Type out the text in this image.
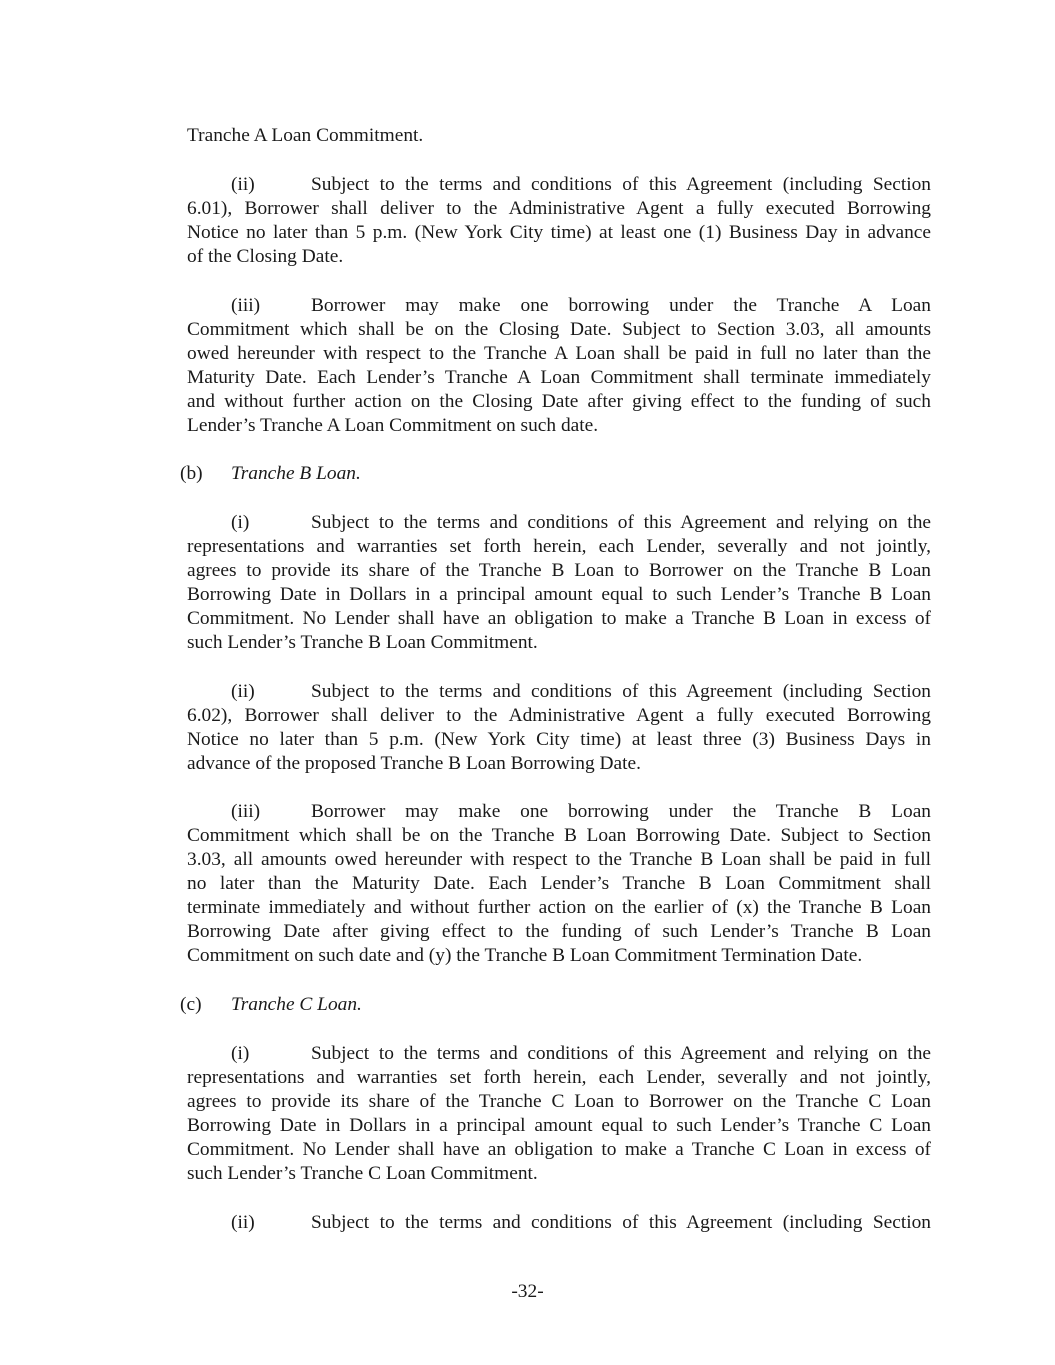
Tranche A Loan Commitment.
(ii)	Subject to the terms and conditions of this Agreement (including Section
6.01), Borrower shall deliver to the Administrative Agent a fully executed Borrowing
Notice no later than 5 p.m. (New York City time) at least one (1) Business Day in advance
of the Closing Date.
(iii)	Borrower may make one borrowing under the Tranche A Loan
Commitment which shall be on the Closing Date. Subject to Section 3.03, all amounts
owed hereunder with respect to the Tranche A Loan shall be paid in full no later than the
Maturity Date. Each Lender’s Tranche A Loan Commitment shall terminate immediately
and without further action on the Closing Date after giving effect to the funding of such
Lender’s Tranche A Loan Commitment on such date.
(b) Tranche B Loan.
(i)	Subject to the terms and conditions of this Agreement and relying on the
representations and warranties set forth herein, each Lender, severally and not jointly,
agrees to provide its share of the Tranche B Loan to Borrower on the Tranche B Loan
Borrowing Date in Dollars in a principal amount equal to such Lender’s Tranche B Loan
Commitment. No Lender shall have an obligation to make a Tranche B Loan in excess of
such Lender’s Tranche B Loan Commitment.
(ii)	Subject to the terms and conditions of this Agreement (including Section
6.02), Borrower shall deliver to the Administrative Agent a fully executed Borrowing
Notice no later than 5 p.m. (New York City time) at least three (3) Business Days in
advance of the proposed Tranche B Loan Borrowing Date.
(iii)	Borrower may make one borrowing under the Tranche B Loan
Commitment which shall be on the Tranche B Loan Borrowing Date. Subject to Section
3.03, all amounts owed hereunder with respect to the Tranche B Loan shall be paid in full
no later than the Maturity Date. Each Lender’s Tranche B Loan Commitment shall
terminate immediately and without further action on the earlier of (x) the Tranche B Loan
Borrowing Date after giving effect to the funding of such Lender’s Tranche B Loan
Commitment on such date and (y) the Tranche B Loan Commitment Termination Date.
(c) Tranche C Loan.
(i)	Subject to the terms and conditions of this Agreement and relying on the
representations and warranties set forth herein, each Lender, severally and not jointly,
agrees to provide its share of the Tranche C Loan to Borrower on the Tranche C Loan
Borrowing Date in Dollars in a principal amount equal to such Lender’s Tranche C Loan
Commitment. No Lender shall have an obligation to make a Tranche C Loan in excess of
such Lender’s Tranche C Loan Commitment.
(ii)	Subject to the terms and conditions of this Agreement (including Section
-32-
